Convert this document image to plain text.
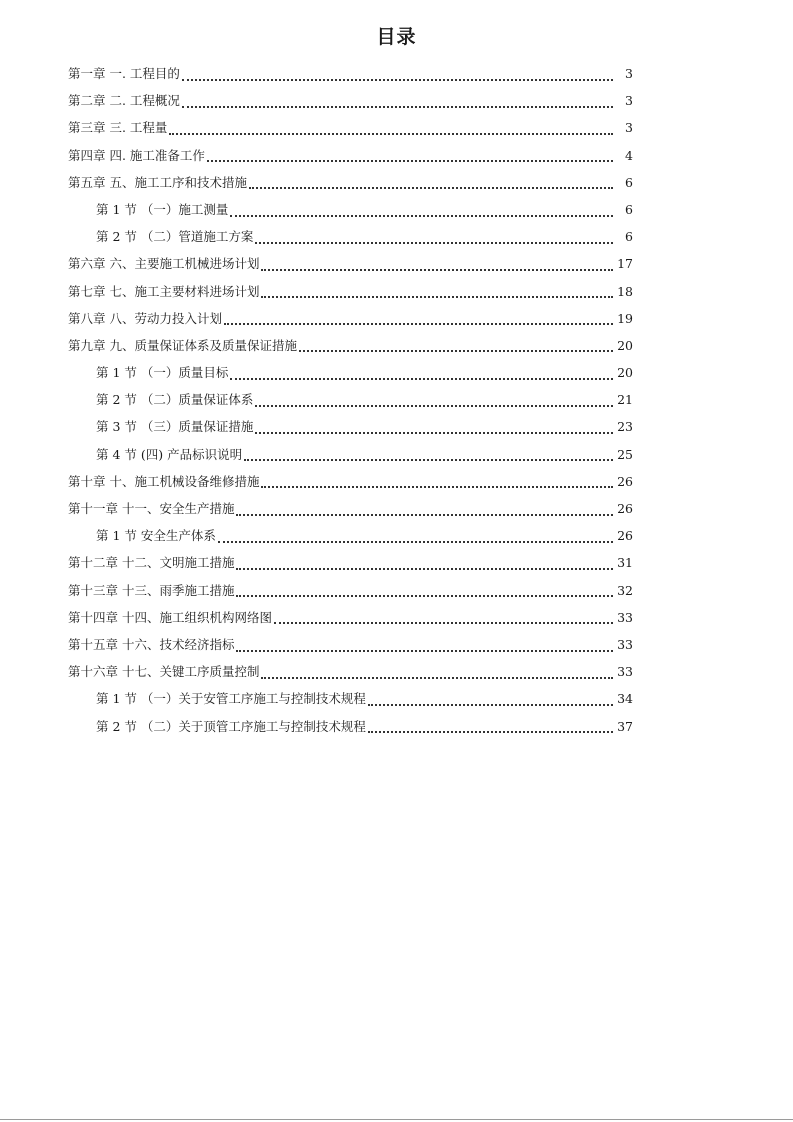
目录
第一章 一. 工程目的	3
第二章 二. 工程概况	3
第三章 三. 工程量	3
第四章 四. 施工准备工作	4
第五章 五、施工工序和技术措施	6
第 1 节 （一）施工测量	6
第 2 节 （二）管道施工方案	6
第六章 六、主要施工机械进场计划	17
第七章 七、施工主要材料进场计划	18
第八章 八、劳动力投入计划	19
第九章 九、质量保证体系及质量保证措施	20
第 1 节 （一）质量目标	20
第 2 节 （二）质量保证体系	21
第 3 节 （三）质量保证措施	23
第 4 节 (四) 产品标识说明	25
第十章 十、施工机械设备维修措施	26
第十一章 十一、安全生产措施	26
第 1 节 安全生产体系	26
第十二章 十二、文明施工措施	31
第十三章 十三、雨季施工措施	32
第十四章 十四、施工组织机构网络图	33
第十五章 十六、技术经济指标	33
第十六章 十七、关键工序质量控制	33
第 1 节 （一）关于安管工序施工与控制技术规程	34
第 2 节 （二）关于顶管工序施工与控制技术规程	37
